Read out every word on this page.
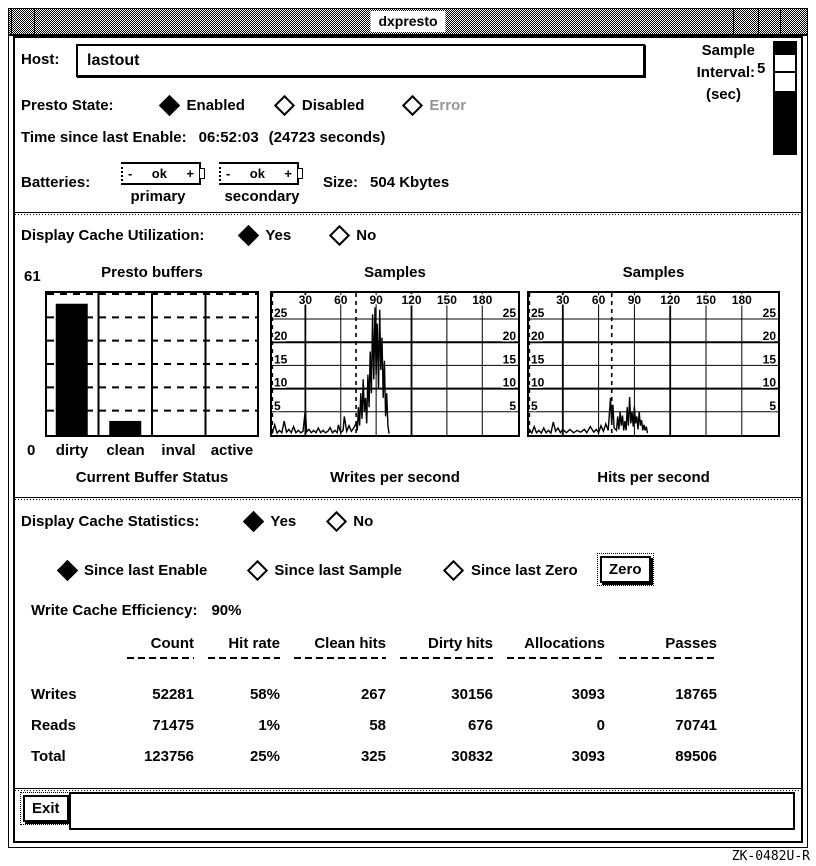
dxpresto
Host:
lastout
Sample
Interval:
(sec)
5
Presto State:	Enabled	Disabled	Error
Time since last Enable: 06:52:03 (24723 seconds)
Batteries:
- ok +
primary
- ok +
secondary
Size: 504 Kbytes
Display Cache Utilization:	Yes	No
61	Presto buffers	Samples	Samples
30 60 90 120 150 180
5	5
10	10
15	15
20	20
25	25
30 60 90 120 150 180
5	5
10	10
15	15
20	20
25	25
0	dirty	clean	inval	active
Current Buffer Status	Writes per second	Hits per second
Display Cache Statistics:	Yes	No
Since last Enable	Since last Sample	Since last Zero	Zero
Write Cache Efficiency: 90%
Count	Hit rate	Clean hits	Dirty hits	Allocations	Passes
Writes	52281	58%	267	30156	3093	18765
Reads	71475	1%	58	676	0	70741
Total	123756	25%	325	30832	3093	89506
Exit
ZK-0482U-R
